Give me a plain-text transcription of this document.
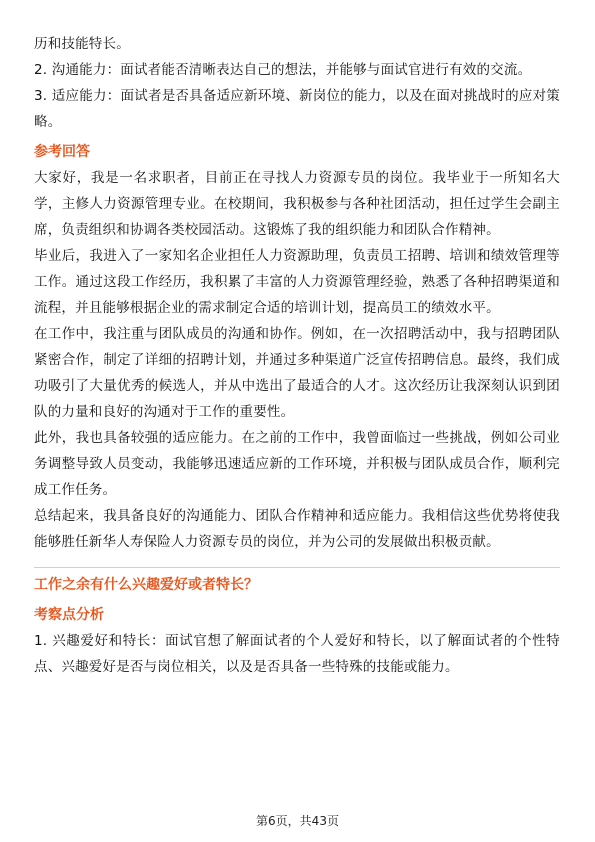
历和技能特长。

2. 沟通能力：面试者能否清晰表达自己的想法，并能够与面试官进行有效的交流。

3. 适应能力：面试者是否具备适应新环境、新岗位的能力，以及在面对挑战时的应对策略。

参考回答

大家好，我是一名求职者，目前正在寻找人力资源专员的岗位。我毕业于一所知名大学，主修人力资源管理专业。在校期间，我积极参与各种社团活动，担任过学生会副主席，负责组织和协调各类校园活动。这锻炼了我的组织能力和团队合作精神。

毕业后，我进入了一家知名企业担任人力资源助理，负责员工招聘、培训和绩效管理等工作。通过这段工作经历，我积累了丰富的人力资源管理经验，熟悉了各种招聘渠道和流程，并且能够根据企业的需求制定合适的培训计划，提高员工的绩效水平。

在工作中，我注重与团队成员的沟通和协作。例如，在一次招聘活动中，我与招聘团队紧密合作，制定了详细的招聘计划，并通过多种渠道广泛宣传招聘信息。最终，我们成功吸引了大量优秀的候选人，并从中选出了最适合的人才。这次经历让我深刻认识到团队的力量和良好的沟通对于工作的重要性。

此外，我也具备较强的适应能力。在之前的工作中，我曾面临过一些挑战，例如公司业务调整导致人员变动，我能够迅速适应新的工作环境，并积极与团队成员合作，顺利完成工作任务。

总结起来，我具备良好的沟通能力、团队合作精神和适应能力。我相信这些优势将使我能够胜任新华人寿保险人力资源专员的岗位，并为公司的发展做出积极贡献。

工作之余有什么兴趣爱好或者特长？

考察点分析

1. 兴趣爱好和特长：面试官想了解面试者的个人爱好和特长，以了解面试者的个性特点、兴趣爱好是否与岗位相关，以及是否具备一些特殊的技能或能力。

第6页，共43页
